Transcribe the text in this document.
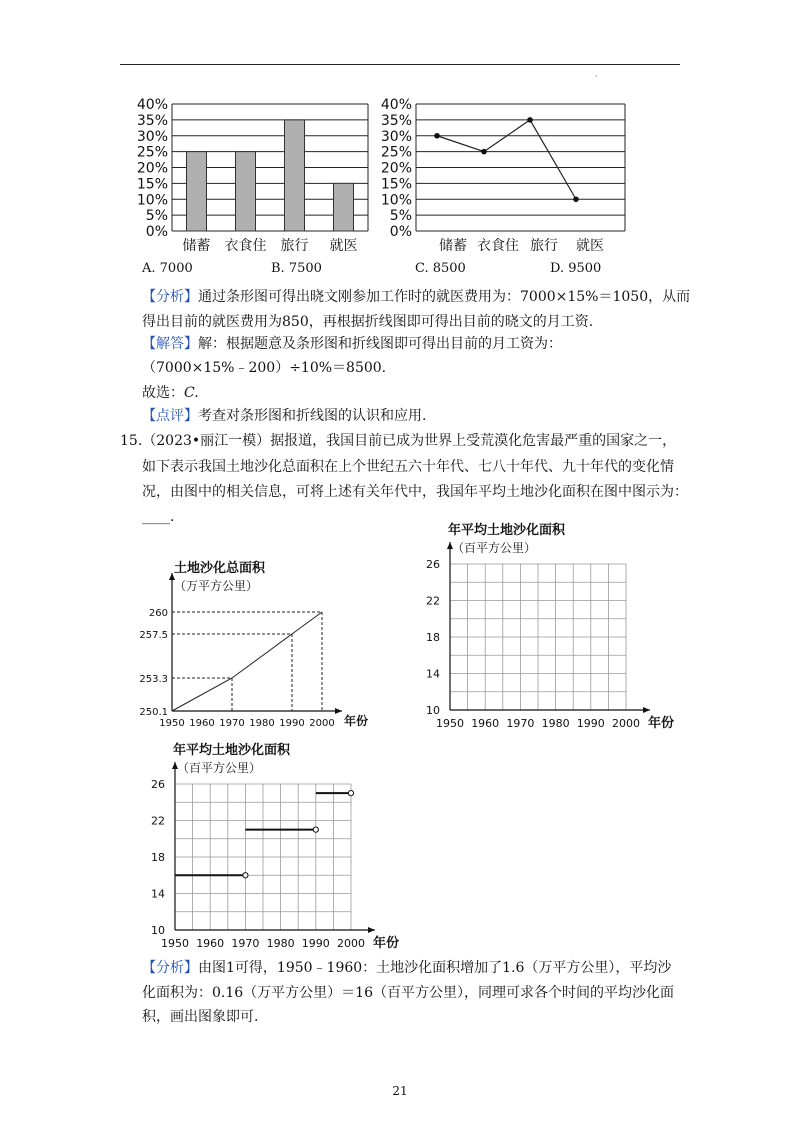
·
40%
35%
30%
25%
20%
15%
10%
5%
0%
储蓄 衣食住 旅行 就医
40%
35%
30%
25%
20%
15%
10%
5%
0%
储蓄 衣食住 旅行 就医
A. 7000	B. 7500	C. 8500	D. 9500
【分析】通过条形图可得出晓文刚参加工作时的就医费用为：7000×15%＝1050，从而
得出目前的就医费用为850，再根据折线图即可得出目前的晓文的月工资.
【解答】解：根据题意及条形图和折线图即可得出目前的月工资为：
（7000×15%﹣200）÷10%＝8500.
故选：C.
【点评】考查对条形图和折线图的认识和应用.
15.（2023•丽江一模）据报道，我国目前已成为世界上受荒漠化危害最严重的国家之一，
如下表示我国土地沙化总面积在上个世纪五六十年代、七八十年代、九十年代的变化情
况，由图中的相关信息，可将上述有关年代中，我国年平均土地沙化面积在图中图示为：
____.
土地沙化总面积
（万平方公里）
260
257.5
253.3
250.1
1950 1960 1970 1980 1990 2000 年份
年平均土地沙化面积
（百平方公里）
26
22
18
14
10
1950 1960 1970 1980 1990 2000 年份
年平均土地沙化面积
（百平方公里）
26
22
18
14
10
1950 1960 1970 1980 1990 2000 年份
【分析】由图1可得，1950﹣1960：土地沙化面积增加了1.6（万平方公里），平均沙
化面积为：0.16（万平方公里）＝16（百平方公里），同理可求各个时间的平均沙化面
积，画出图象即可.
21
